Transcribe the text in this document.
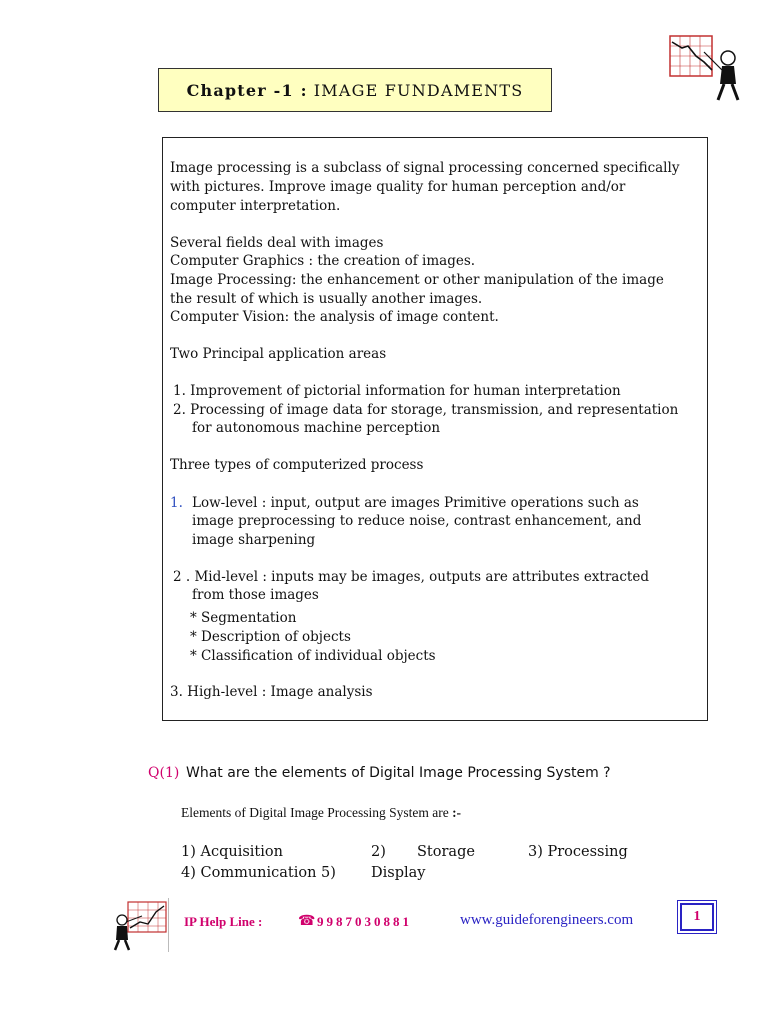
Chapter -1 : IMAGE FUNDAMENTS
Image processing is a subclass of signal processing concerned specifically
with pictures. Improve image quality for human perception and/or
computer interpretation.
Several fields deal with images
Computer Graphics : the creation of images.
Image Processing: the enhancement or other manipulation of the image
the result of which is usually another images.
Computer Vision: the analysis of image content.
Two Principal application areas
1. Improvement of pictorial information for human interpretation
2. Processing of image data for storage, transmission, and representation
for autonomous machine perception
Three types of computerized process
1. Low-level : input, output are images Primitive operations such as
image preprocessing to reduce noise, contrast enhancement, and
image sharpening
2 . Mid-level : inputs may be images, outputs are attributes extracted
from those images
* Segmentation
* Description of objects
* Classification of individual objects
3. High-level : Image analysis
Q(1) What are the elements of Digital Image Processing System ?
Elements of Digital Image Processing System are :-
1) Acquisition	2) Storage	3) Processing
4) Communication 5) Display
IP Help Line :	☎ 9987030881	www.guideforengineers.com	1
